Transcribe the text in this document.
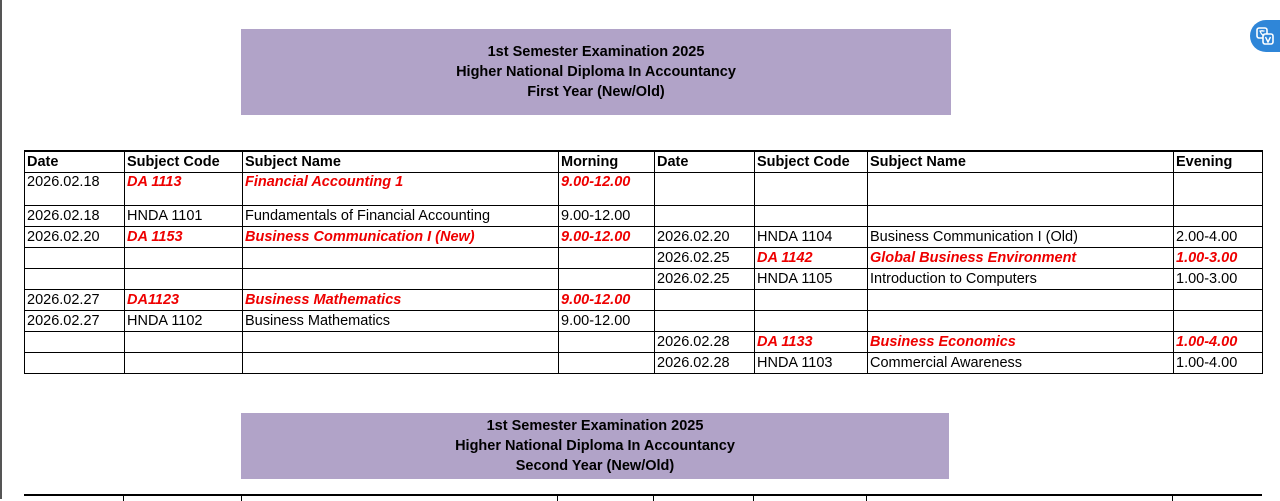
1st Semester Examination 2025
Higher National Diploma In Accountancy
First Year (New/Old)
Date	Subject Code	Subject Name	Morning	Date	Subject Code	Subject Name	Evening
2026.02.18	DA 1113	Financial Accounting 1	9.00-12.00				
2026.02.18	HNDA 1101	Fundamentals of Financial Accounting	9.00-12.00				
2026.02.20	DA 1153	Business Communication I (New)	9.00-12.00	2026.02.20	HNDA 1104	Business Communication I (Old)	2.00-4.00
				2026.02.25	DA 1142	Global Business Environment	1.00-3.00
				2026.02.25	HNDA 1105	Introduction to Computers	1.00-3.00
2026.02.27	DA1123	Business Mathematics	9.00-12.00				
2026.02.27	HNDA 1102	Business Mathematics	9.00-12.00				
				2026.02.28	DA 1133	Business Economics	1.00-4.00
				2026.02.28	HNDA 1103	Commercial Awareness	1.00-4.00
1st Semester Examination 2025
Higher National Diploma In Accountancy
Second Year (New/Old)
